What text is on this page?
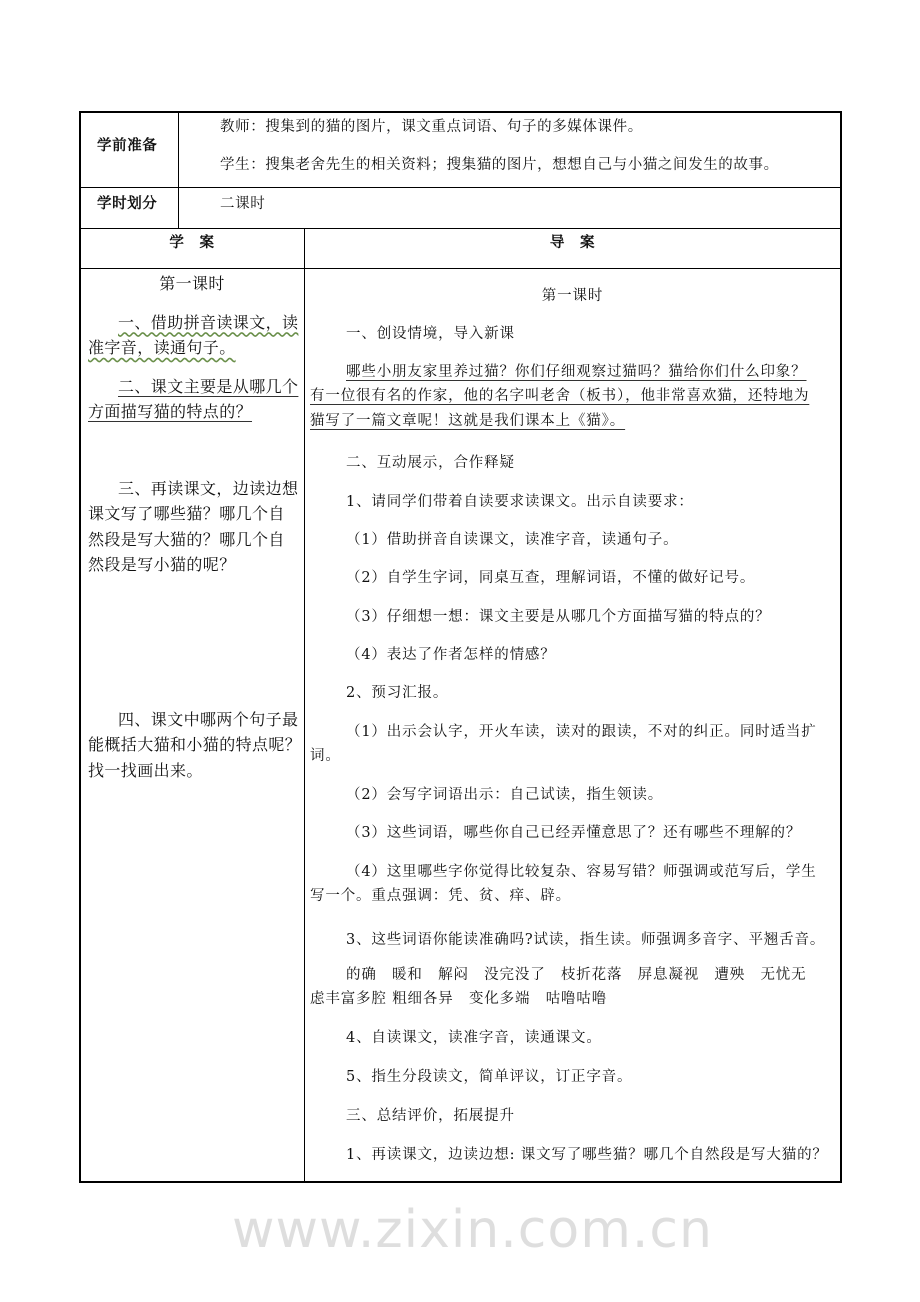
学前准备
教师：搜集到的猫的图片，课文重点词语、句子的多媒体课件。
学生：搜集老舍先生的相关资料；搜集猫的图片，想想自己与小猫之间发生的故事。
学时划分	二课时
学　案	导　案
第一课时
一、借助拼音读课文，读
准字音，读通句子。
二、课文主要是从哪几个
方面描写猫的特点的？
三、再读课文，边读边想
课文写了哪些猫？哪几个自
然段是写大猫的？哪几个自
然段是写小猫的呢？
四、课文中哪两个句子最
能概括大猫和小猫的特点呢？
找一找画出来。
第一课时
一、创设情境，导入新课
哪些小朋友家里养过猫？你们仔细观察过猫吗？猫给你们什么印象？
有一位很有名的作家，他的名字叫老舍（板书），他非常喜欢猫，还特地为
猫写了一篇文章呢！这就是我们课本上《猫》。
二、互动展示，合作释疑
1、请同学们带着自读要求读课文。出示自读要求：
（1）借助拼音自读课文，读准字音，读通句子。
（2）自学生字词，同桌互查，理解词语，不懂的做好记号。
（3）仔细想一想：课文主要是从哪几个方面描写猫的特点的？
（4）表达了作者怎样的情感？
2、预习汇报。
（1）出示会认字，开火车读，读对的跟读，不对的纠正。同时适当扩
词。
（2）会写字词语出示：自己试读，指生领读。
（3）这些词语，哪些你自己已经弄懂意思了？还有哪些不理解的？
（4）这里哪些字你觉得比较复杂、容易写错？师强调或范写后，学生
写一个。重点强调：凭、贫、痒、辟。
3、这些词语你能读准确吗?试读，指生读。师强调多音字、平翘舌音。
的确　暖和　解闷　没完没了　枝折花落　屏息凝视　遭殃　无忧无
虑丰富多腔 粗细各异　变化多端　咕噜咕噜
4、自读课文，读准字音，读通课文。
5、指生分段读文，简单评议，订正字音。
三、总结评价，拓展提升
1、再读课文，边读边想: 课文写了哪些猫？哪几个自然段是写大猫的？
www.zixin.com.cn
